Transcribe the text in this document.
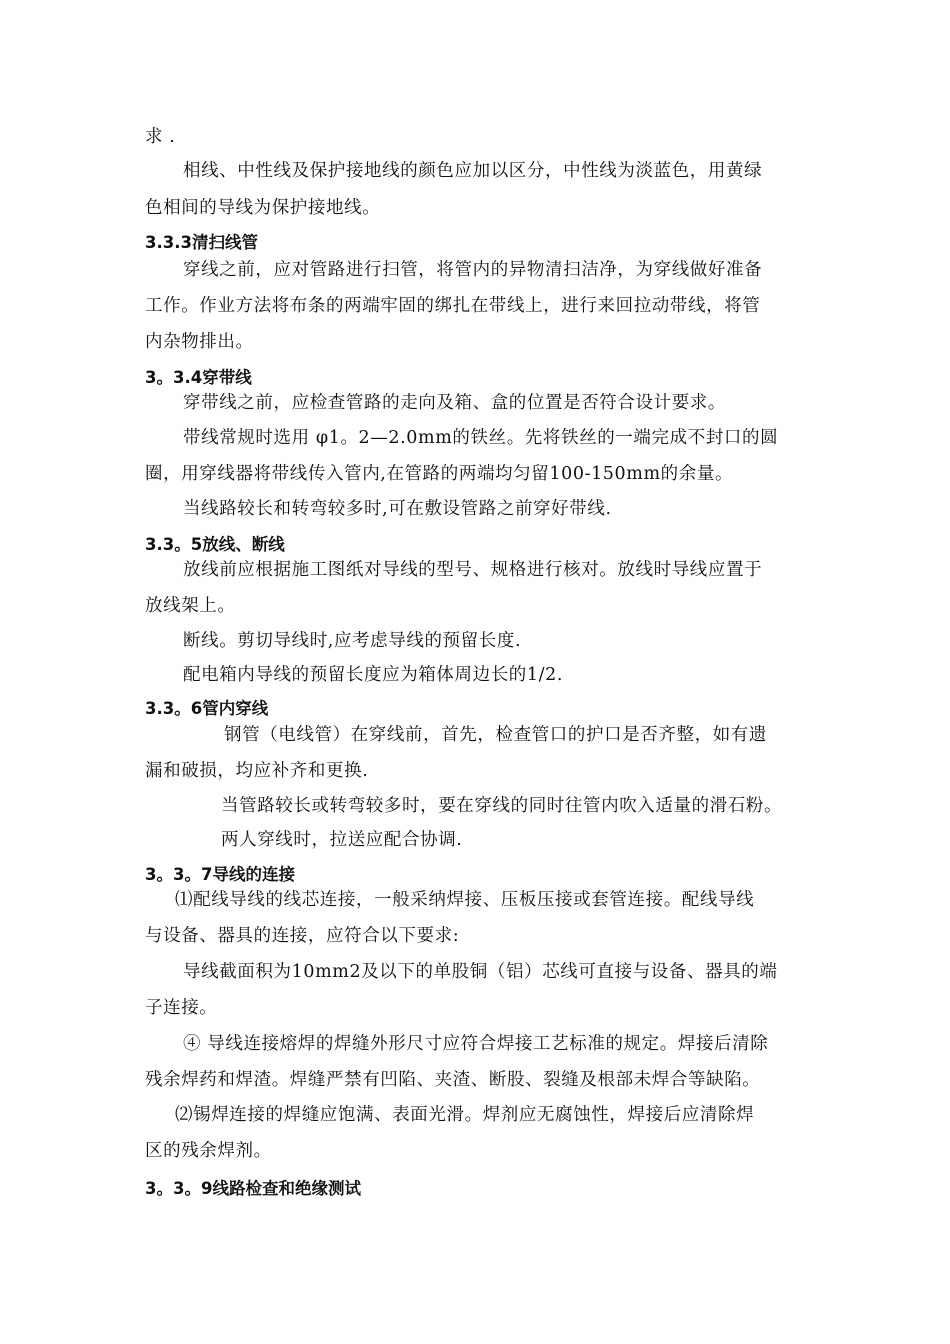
求 .
相线、中性线及保护接地线的颜色应加以区分，中性线为淡蓝色，用黄绿
色相间的导线为保护接地线。
3.3.3清扫线管
穿线之前，应对管路进行扫管，将管内的异物清扫洁净，为穿线做好准备
工作。作业方法将布条的两端牢固的绑扎在带线上，进行来回拉动带线，将管
内杂物排出。
3。3.4穿带线
穿带线之前，应检查管路的走向及箱、盒的位置是否符合设计要求。
带线常规时选用 φ1。2—2.0mm的铁丝。先将铁丝的一端完成不封口的圆
圈，用穿线器将带线传入管内,在管路的两端均匀留100-150mm的余量。
当线路较长和转弯较多时,可在敷设管路之前穿好带线.
3.3。5放线、断线
放线前应根据施工图纸对导线的型号、规格进行核对。放线时导线应置于
放线架上。
断线。剪切导线时,应考虑导线的预留长度.
配电箱内导线的预留长度应为箱体周边长的1/2.
3.3。6管内穿线
钢管（电线管）在穿线前，首先，检查管口的护口是否齐整，如有遗
漏和破损，均应补齐和更换.
当管路较长或转弯较多时，要在穿线的同时往管内吹入适量的滑石粉。
两人穿线时，拉送应配合协调.
3。3。7导线的连接
⑴配线导线的线芯连接，一般采纳焊接、压板压接或套管连接。配线导线
与设备、器具的连接，应符合以下要求:
导线截面积为10mm2及以下的单股铜（铝）芯线可直接与设备、器具的端
子连接。
④ 导线连接熔焊的焊缝外形尺寸应符合焊接工艺标准的规定。焊接后清除
残余焊药和焊渣。焊缝严禁有凹陷、夹渣、断股、裂缝及根部未焊合等缺陷。
⑵锡焊连接的焊缝应饱满、表面光滑。焊剂应无腐蚀性，焊接后应清除焊
区的残余焊剂。
3。3。9线路检查和绝缘测试
